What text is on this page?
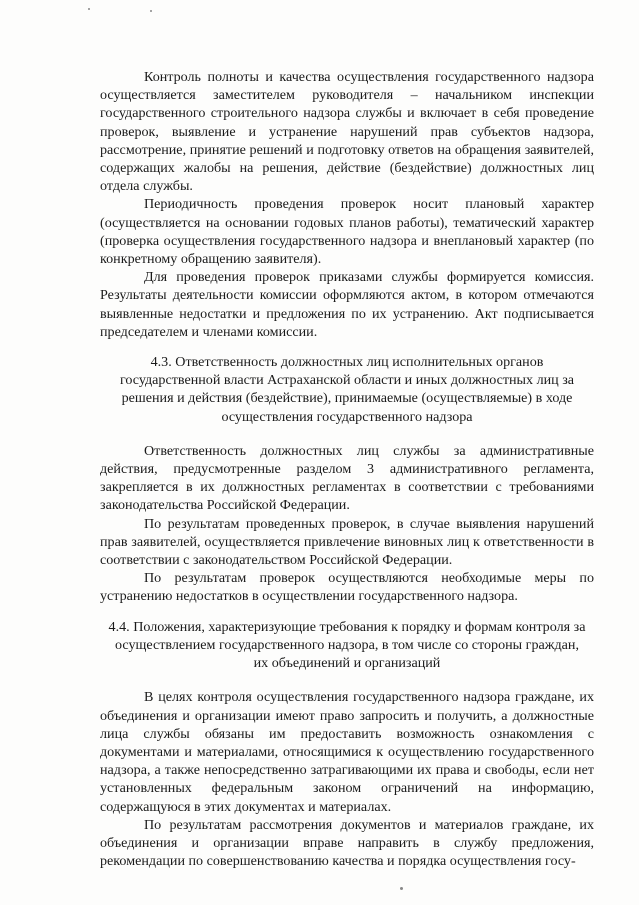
Контроль полноты и качества осуществления государственного надзора осуществляется заместителем руководителя – начальником инспекции государственного строительного надзора службы и включает в себя проведение проверок, выявление и устранение нарушений прав субъектов надзора, рассмотрение, принятие решений и подготовку ответов на обращения заявителей, содержащих жалобы на решения, действие (бездействие) должностных лиц отдела службы.

Периодичность проведения проверок носит плановый характер (осуществляется на основании годовых планов работы), тематический характер (проверка осуществления государственного надзора и внеплановый характер (по конкретному обращению заявителя).

Для проведения проверок приказами службы формируется комиссия. Результаты деятельности комиссии оформляются актом, в котором отмечаются выявленные недостатки и предложения по их устранению. Акт подписывается председателем и членами комиссии.

4.3. Ответственность должностных лиц исполнительных органов государственной власти Астраханской области и иных должностных лиц за решения и действия (бездействие), принимаемые (осуществляемые) в ходе осуществления государственного надзора

Ответственность должностных лиц службы за административные действия, предусмотренные разделом 3 административного регламента, закрепляется в их должностных регламентах в соответствии с требованиями законодательства Российской Федерации.

По результатам проведенных проверок, в случае выявления нарушений прав заявителей, осуществляется привлечение виновных лиц к ответственности в соответствии с законодательством Российской Федерации.

По результатам проверок осуществляются необходимые меры по устранению недостатков в осуществлении государственного надзора.

4.4. Положения, характеризующие требования к порядку и формам контроля за осуществлением государственного надзора, в том числе со стороны граждан, их объединений и организаций

В целях контроля осуществления государственного надзора граждане, их объединения и организации имеют право запросить и получить, а должностные лица службы обязаны им предоставить возможность ознакомления с документами и материалами, относящимися к осуществлению государственного надзора, а также непосредственно затрагивающими их права и свободы, если нет установленных федеральным законом ограничений на информацию, содержащуюся в этих документах и материалах.

По результатам рассмотрения документов и материалов граждане, их объединения и организации вправе направить в службу предложения, рекомендации по совершенствованию качества и порядка осуществления госу-
